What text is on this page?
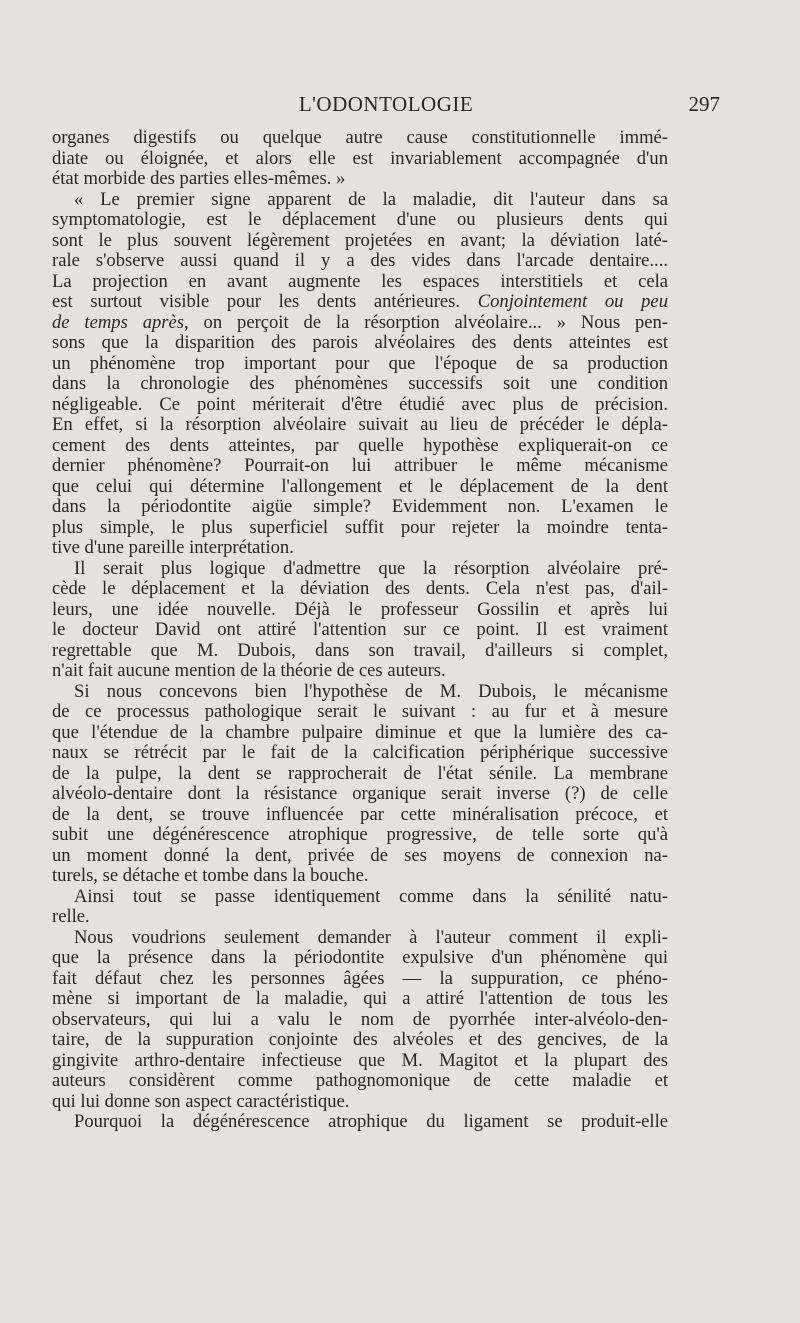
L'ODONTOLOGIE	297
organes digestifs ou quelque autre cause constitutionnelle immé-
diate ou éloignée, et alors elle est invariablement accompagnée d'un
état morbide des parties elles-mêmes. »
« Le premier signe apparent de la maladie, dit l'auteur dans sa
symptomatologie, est le déplacement d'une ou plusieurs dents qui
sont le plus souvent légèrement projetées en avant; la déviation laté-
rale s'observe aussi quand il y a des vides dans l'arcade dentaire....
La projection en avant augmente les espaces interstitiels et cela
est surtout visible pour les dents antérieures. Conjointement ou peu
de temps après, on perçoit de la résorption alvéolaire... » Nous pen-
sons que la disparition des parois alvéolaires des dents atteintes est
un phénomène trop important pour que l'époque de sa production
dans la chronologie des phénomènes successifs soit une condition
négligeable. Ce point mériterait d'être étudié avec plus de précision.
En effet, si la résorption alvéolaire suivait au lieu de précéder le dépla-
cement des dents atteintes, par quelle hypothèse expliquerait-on ce
dernier phénomène? Pourrait-on lui attribuer le même mécanisme
que celui qui détermine l'allongement et le déplacement de la dent
dans la périodontite aigüe simple? Evidemment non. L'examen le
plus simple, le plus superficiel suffit pour rejeter la moindre tenta-
tive d'une pareille interprétation.
Il serait plus logique d'admettre que la résorption alvéolaire pré-
cède le déplacement et la déviation des dents. Cela n'est pas, d'ail-
leurs, une idée nouvelle. Déjà le professeur Gossilin et après lui
le docteur David ont attiré l'attention sur ce point. Il est vraiment
regrettable que M. Dubois, dans son travail, d'ailleurs si complet,
n'ait fait aucune mention de la théorie de ces auteurs.
Si nous concevons bien l'hypothèse de M. Dubois, le mécanisme
de ce processus pathologique serait le suivant : au fur et à mesure
que l'étendue de la chambre pulpaire diminue et que la lumière des ca-
naux se rétrécit par le fait de la calcification périphérique successive
de la pulpe, la dent se rapprocherait de l'état sénile. La membrane
alvéolo-dentaire dont la résistance organique serait inverse (?) de celle
de la dent, se trouve influencée par cette minéralisation précoce, et
subit une dégénérescence atrophique progressive, de telle sorte qu'à
un moment donné la dent, privée de ses moyens de connexion na-
turels, se détache et tombe dans la bouche.
Ainsi tout se passe identiquement comme dans la sénilité natu-
relle.
Nous voudrions seulement demander à l'auteur comment il expli-
que la présence dans la périodontite expulsive d'un phénomène qui
fait défaut chez les personnes âgées — la suppuration, ce phéno-
mène si important de la maladie, qui a attiré l'attention de tous les
observateurs, qui lui a valu le nom de pyorrhée inter-alvéolo-den-
taire, de la suppuration conjointe des alvéoles et des gencives, de la
gingivite arthro-dentaire infectieuse que M. Magitot et la plupart des
auteurs considèrent comme pathognomonique de cette maladie et
qui lui donne son aspect caractéristique.
Pourquoi la dégénérescence atrophique du ligament se produit-elle
